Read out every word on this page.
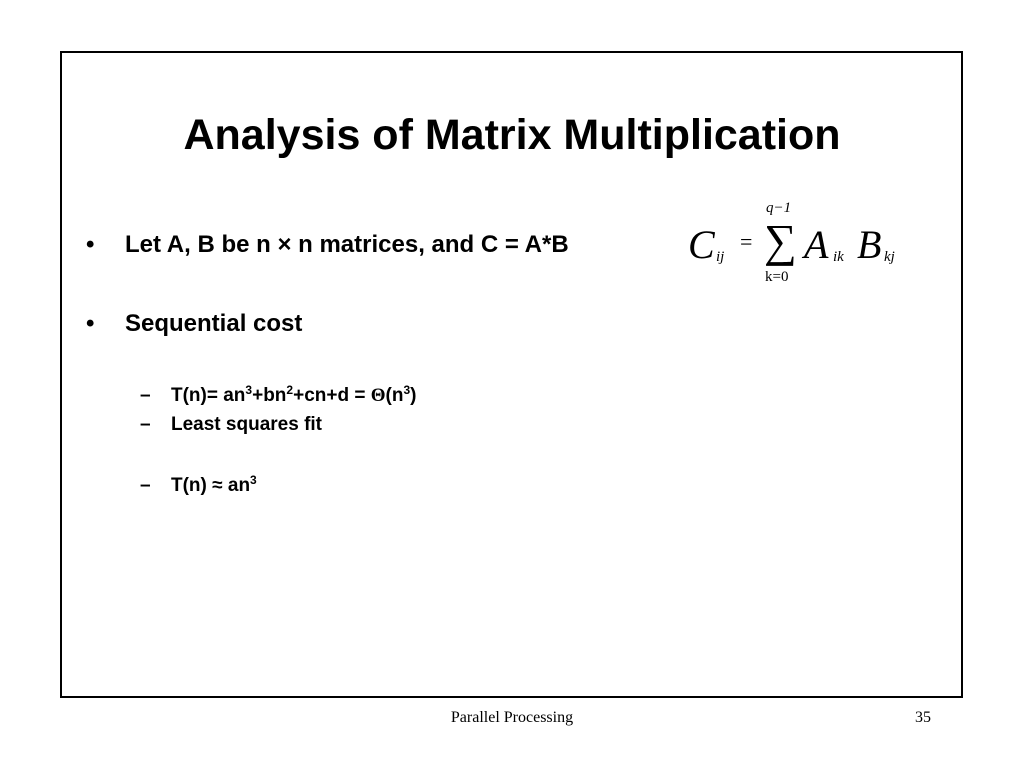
Analysis of Matrix Multiplication
• Let A, B be n × n matrices, and C = A*B
• Sequential cost
– $T(n)= an^3+bn^2+cn+d = \Theta(n^3)$
– Least squares fit
– $T(n) \approx an^3$
C ij
=
q−1
∑
k=0
A ik B kj
Parallel Processing	35
